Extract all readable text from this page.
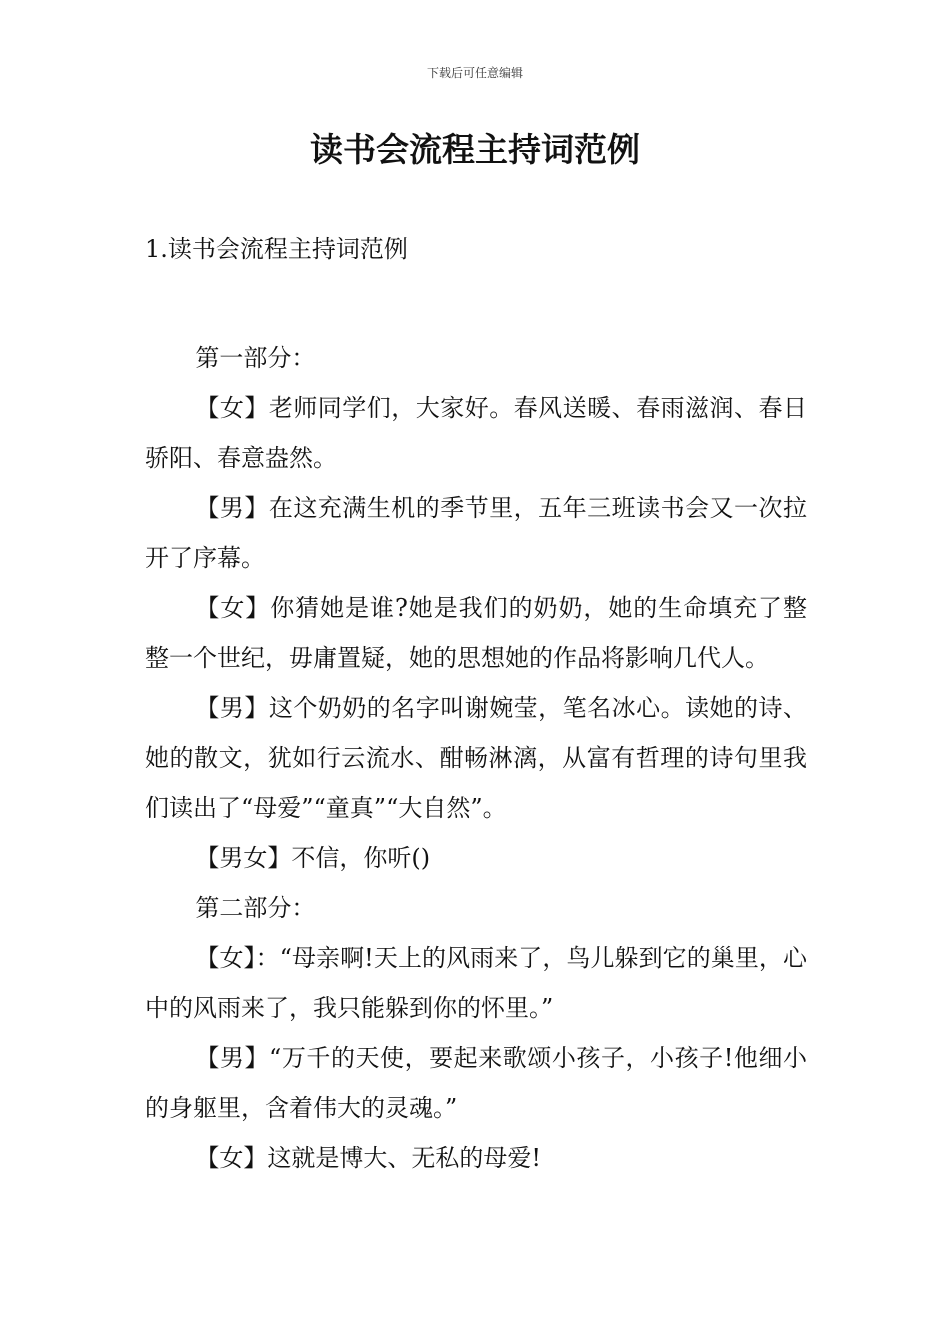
下载后可任意编辑
读书会流程主持词范例
1.读书会流程主持词范例

第一部分：

【女】老师同学们，大家好。春风送暖、春雨滋润、春日骄阳、春意盎然。

【男】在这充满生机的季节里，五年三班读书会又一次拉开了序幕。

【女】你猜她是谁?她是我们的奶奶，她的生命填充了整整一个世纪，毋庸置疑，她的思想她的作品将影响几代人。

【男】这个奶奶的名字叫谢婉莹，笔名冰心。读她的诗、她的散文，犹如行云流水、酣畅淋漓，从富有哲理的诗句里我们读出了“母爱”“童真”“大自然”。

【男女】不信，你听()

第二部分：

【女】：“母亲啊!天上的风雨来了，鸟儿躲到它的巢里，心中的风雨来了，我只能躲到你的怀里。”

【男】“万千的天使，要起来歌颂小孩子，小孩子!他细小的身躯里，含着伟大的灵魂。”

【女】这就是博大、无私的母爱!
